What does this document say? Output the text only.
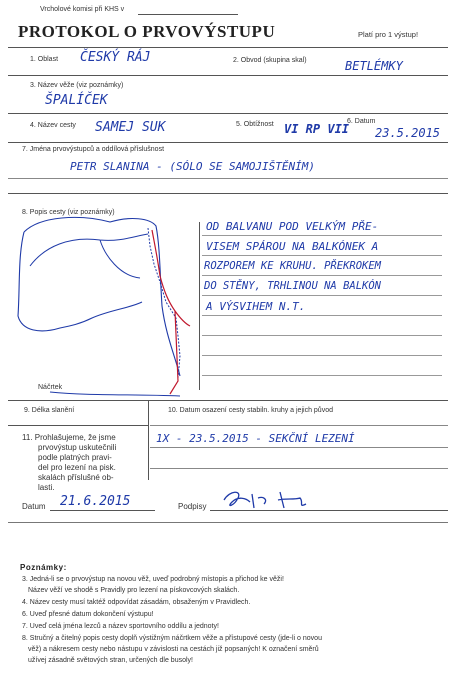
Vrcholové komisi při KHS v
PROTOKOL O PRVOVÝSTUPU	Platí pro 1 výstup!
1. Oblast ČESKÝ RÁJ	2. Obvod (skupina skal)	BETLÉMKY
3. Název věže (viz poznámky)
ŠPALÍČEK
4. Název cesty SAMEJ SUK	5. Obtížnost VI RP VII
6. Datum
23.5.2015
7. Jména prvovýstupců a oddílová příslušnost
PETR SLANINA - (SÓLO SE SAMOJIŠTĚNÍM)
8. Popis cesty (viz poznámky)
OD BALVANU POD VELKÝM PŘE-
VISEM SPÁROU NA BALKÓNEK A
ROZPOREM KE KRUHU. PŘEKROKEM
DO STĚNY, TRHLINOU NA BALKÓN
A VÝSVIHEM N.T.
Náčrtek
9. Délka slanění	10. Datum osazení cesty stabiln. kruhy a jejich původ
1X - 23.5.2015 - SEKČNÍ LEZENÍ
11. Prohlašujeme, že jsme
prvovýstup uskutečnili
podle platných pravi-
del pro lezení na pisk.
skalách příslušné ob-
lasti.
Datum 21.6.2015	Podpisy
Poznámky:
3. Jedná-li se o prvovýstup na novou věž, uveď podrobný místopis a přichod ke věži!
Název věží ve shodě s Pravidly pro lezení na pískovcových skalách.
4. Název cesty musí taktéž odpovídat zásadám, obsaženým v Pravidlech.
6. Uveď přesné datum dokončení výstupu!
7. Uveď celá jména lezců a název sportovního oddílu a jednoty!
8. Stručný a čitelný popis cesty doplň výstižným náčrtkem věže a přístupové cesty (jde-li o novou
věž) a nákresem cesty nebo nástupu v závislosti na cestách již popsaných! K označení směrů
užívej zásadně světových stran, určených dle busoly!
